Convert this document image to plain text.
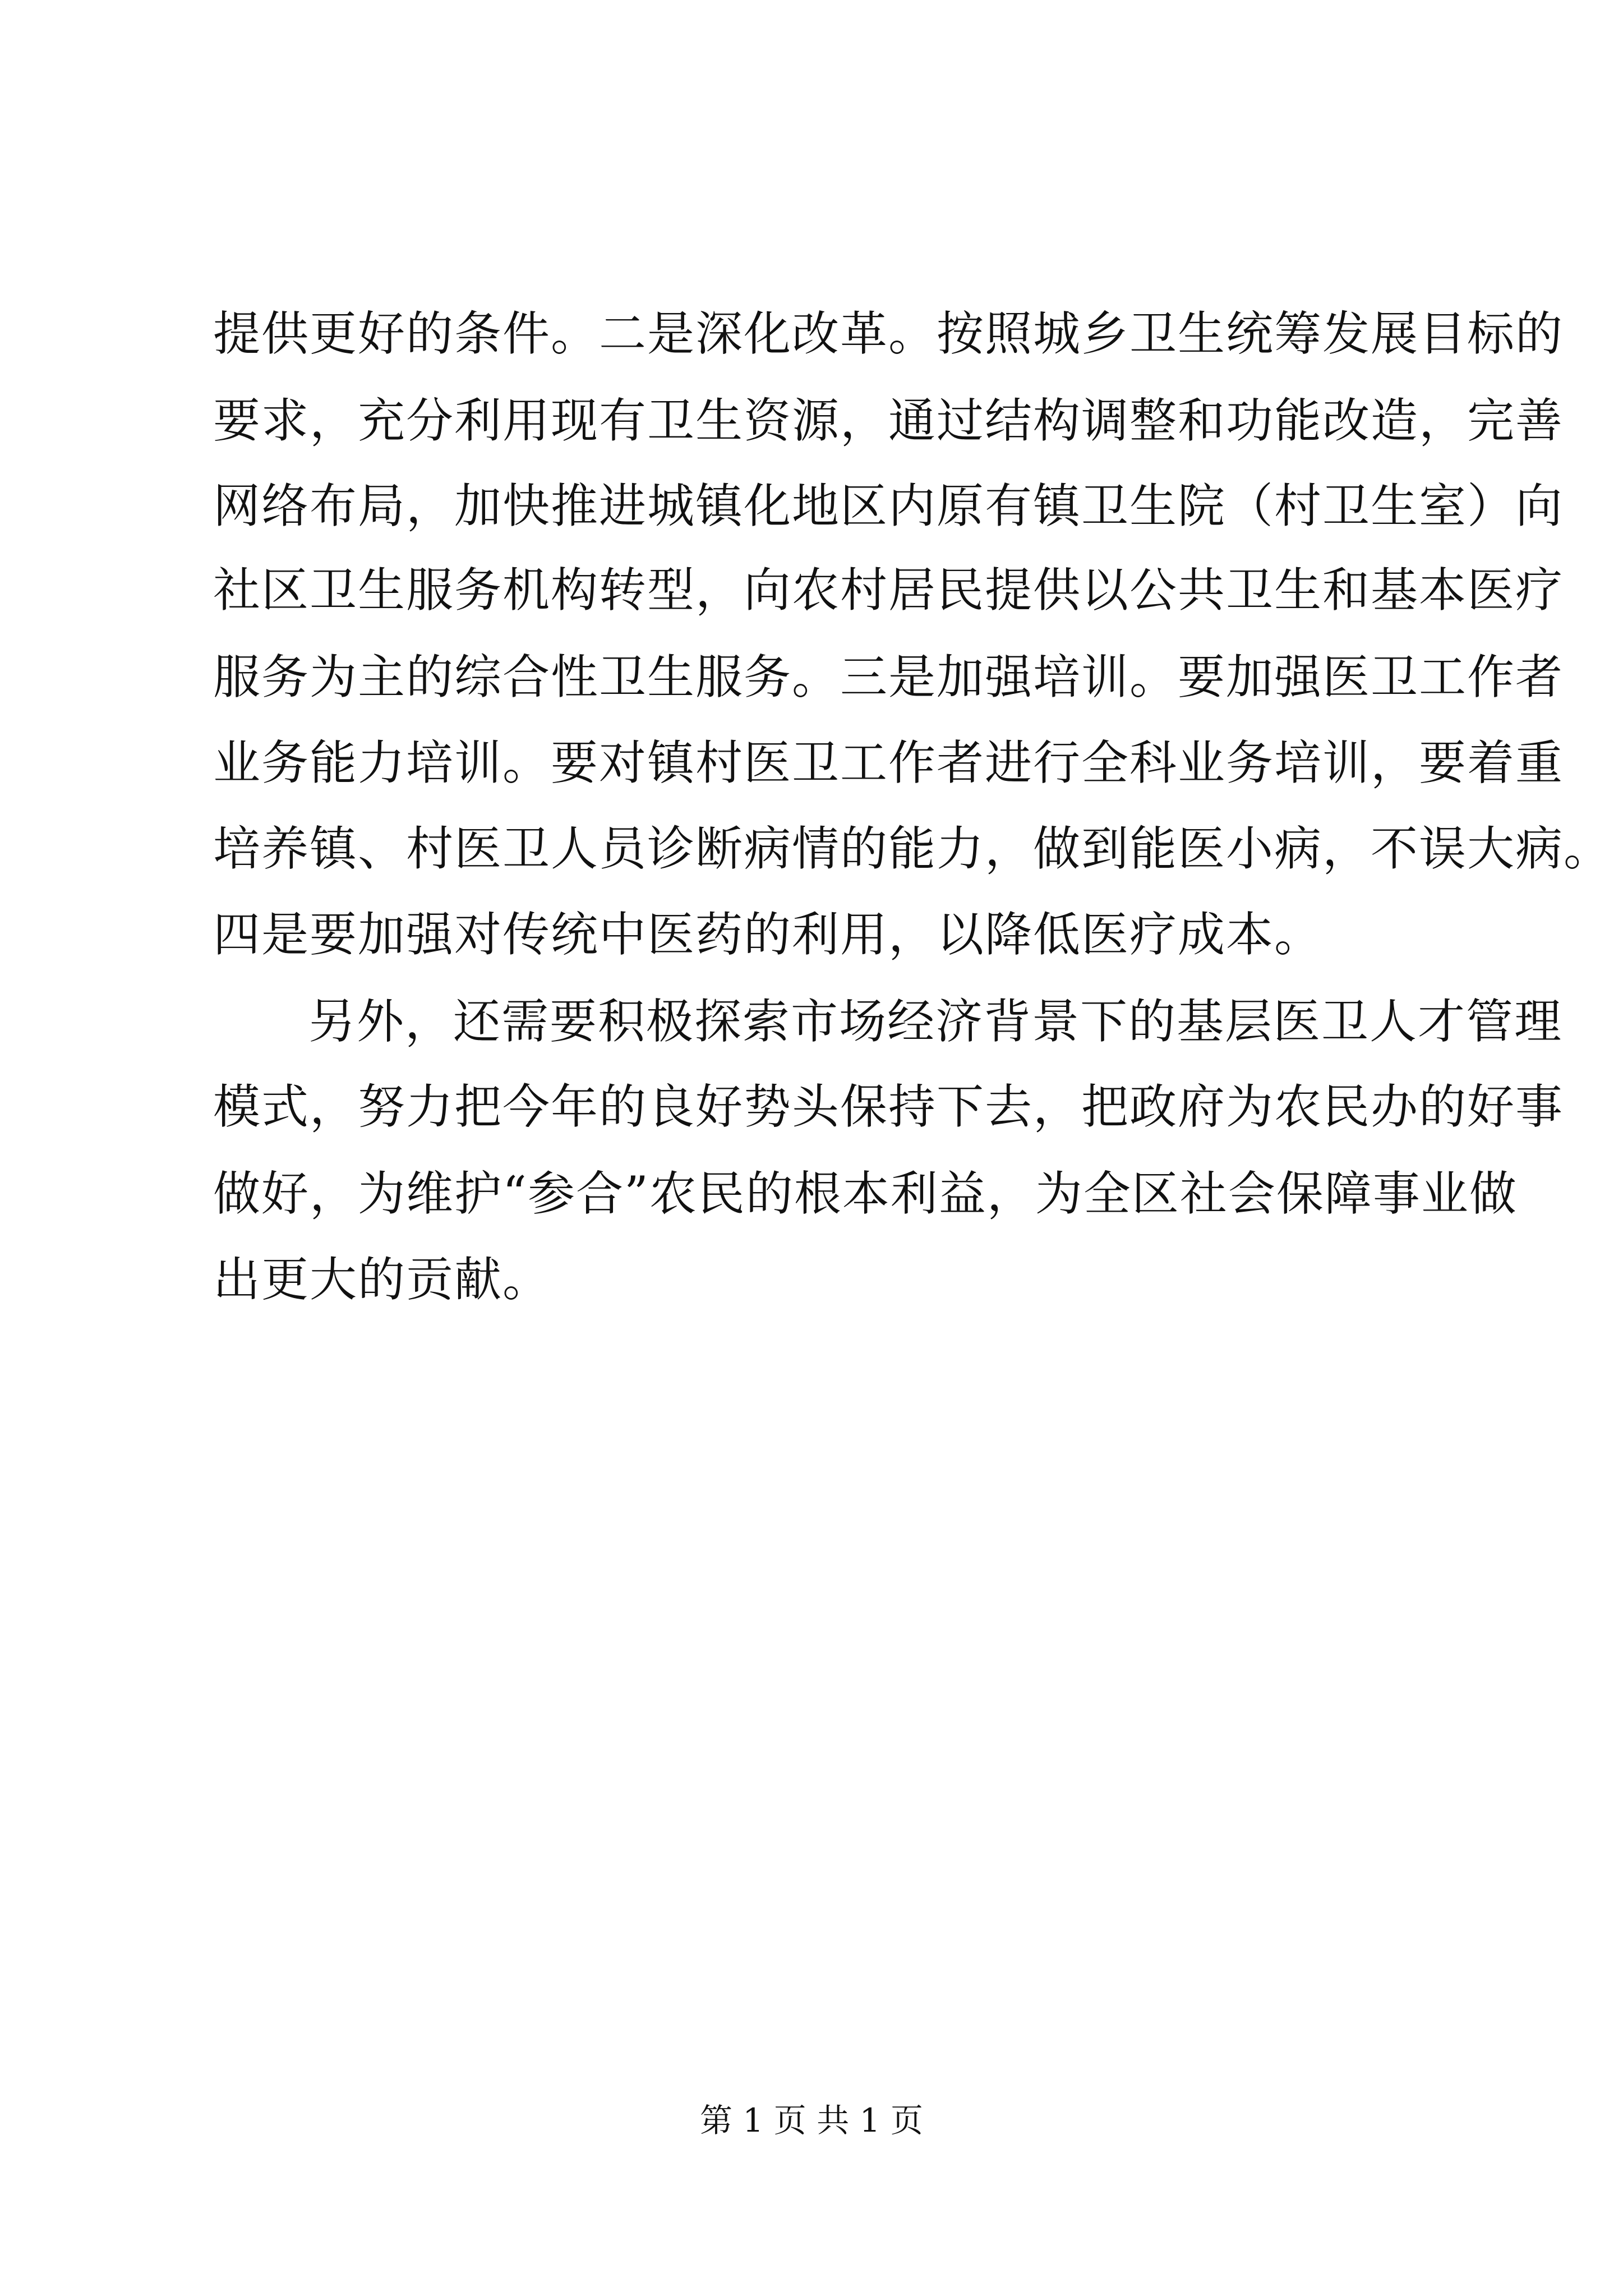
提供更好的条件。二是深化改革。按照城乡卫生统筹发展目标的
要求，充分利用现有卫生资源，通过结构调整和功能改造，完善
网络布局，加快推进城镇化地区内原有镇卫生院（村卫生室）向
社区卫生服务机构转型，向农村居民提供以公共卫生和基本医疗
服务为主的综合性卫生服务。三是加强培训。要加强医卫工作者
业务能力培训。要对镇村医卫工作者进行全科业务培训，要着重
培养镇、村医卫人员诊断病情的能力，做到能医小病，不误大病。
四是要加强对传统中医药的利用，以降低医疗成本。
另外，还需要积极探索市场经济背景下的基层医卫人才管理
模式，努力把今年的良好势头保持下去，把政府为农民办的好事
做好，为维护“参合”农民的根本利益，为全区社会保障事业做
出更大的贡献。
第 1 页 共 1 页
